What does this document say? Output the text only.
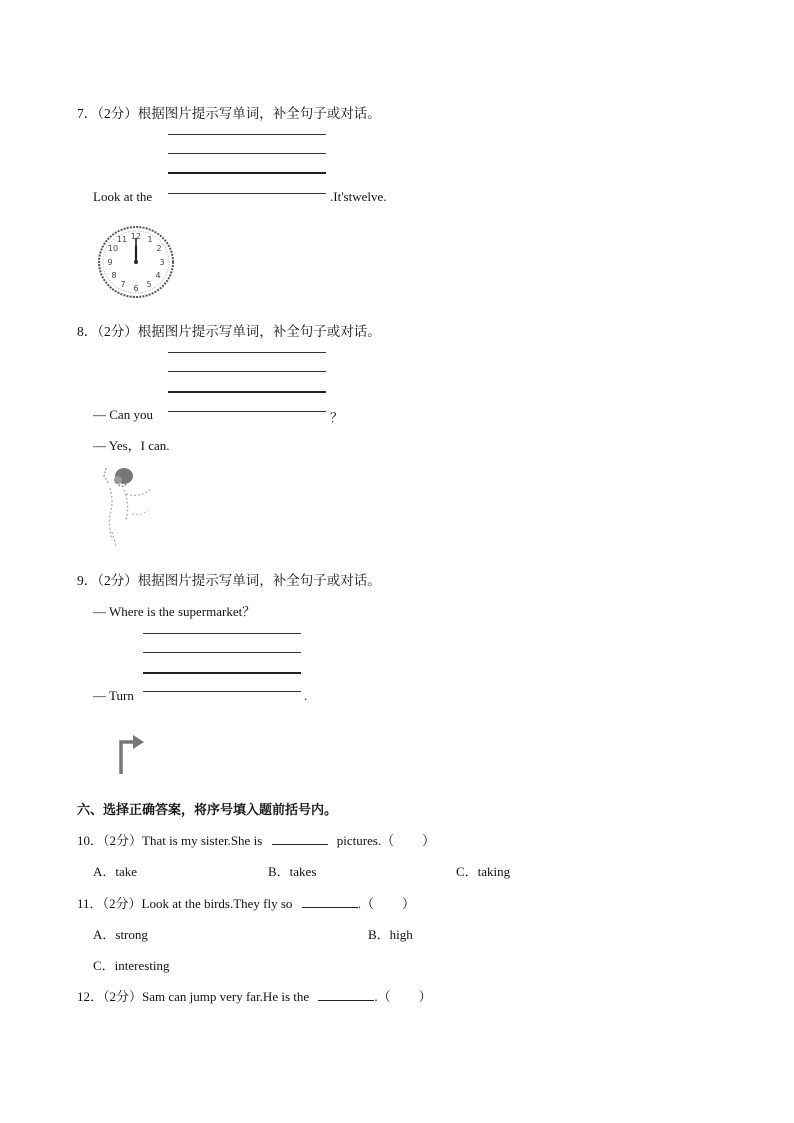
7．（2分）根据图片提示写单词，补全句子或对话。
Look at the	.It'stwelve.
12 1
2
3
4
5
6
7
8
9
10
11
8．（2分）根据图片提示写单词，补全句子或对话。
— Can you	？
— Yes，I can.
9．（2分）根据图片提示写单词，补全句子或对话。
— Where is the supermarket？
— Turn	.
六、选择正确答案，将序号填入题前括号内。
10．（2分）That is my sister.She is	pictures.（ ）
A．take	B．takes	C．taking
11．（2分）Look at the birds.They fly so	.（ ）
A．strong	B．high
C．interesting
12．（2分）Sam can jump very far.He is the	.（ ）
